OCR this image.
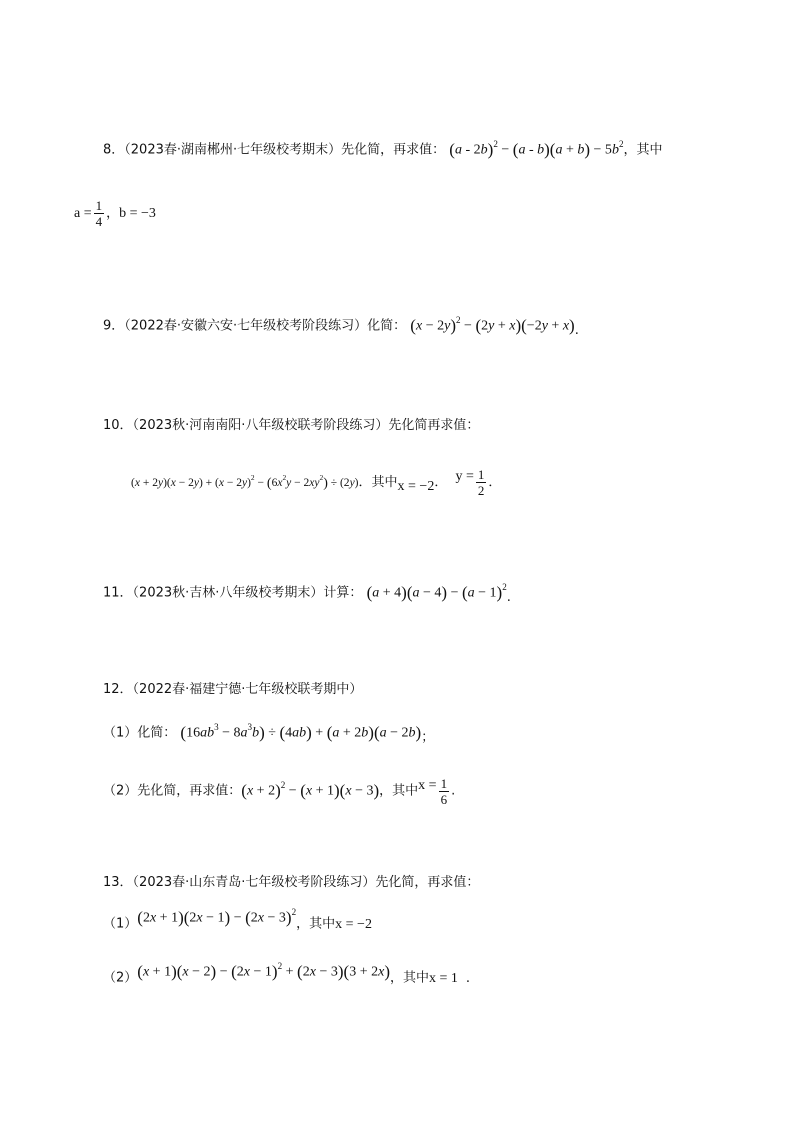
8．（2023春·湖南郴州·七年级校考期末）先化简，再求值： $(a - 2b)^2 - (a - b)(a + b) - 5b^2$，其中
$a = \frac{1}{4}$ ，b = −3
9．（2022春·安徽六安·七年级校考阶段练习）化简： $(x - 2y)^2 - (2y + x)(-2y + x)$.
10．（2023秋·河南南阳·八年级校联考阶段练习）先化简再求值：
$(x + 2y)(x - 2y) + (x - 2y)^2 - (6x^2y - 2xy^2) \div (2y)$．其中x = −2． $y = \frac{1}{2}$ ．
11．（2023秋·吉林·八年级校考期末）计算： $(a + 4)(a - 4) - (a - 1)^2$.
12．（2022春·福建宁德·七年级校联考期中）
（1）化简： $(16ab^3 - 8a^3b) \div (4ab) + (a + 2b)(a - 2b)$；
（2）先化简，再求值：$(x + 2)^2 - (x + 1)(x - 3)$，其中$x = \frac{1}{6}$ .
13．（2023春·山东青岛·七年级校考阶段练习）先化简，再求值：
$(1)(2x + 1)(2x - 1) - (2x - 3)^2$，其中x = −2
$(2)(x + 1)(x - 2) - (2x - 1)^2 + (2x - 3)(3 + 2x)$，其中x = 1 .
